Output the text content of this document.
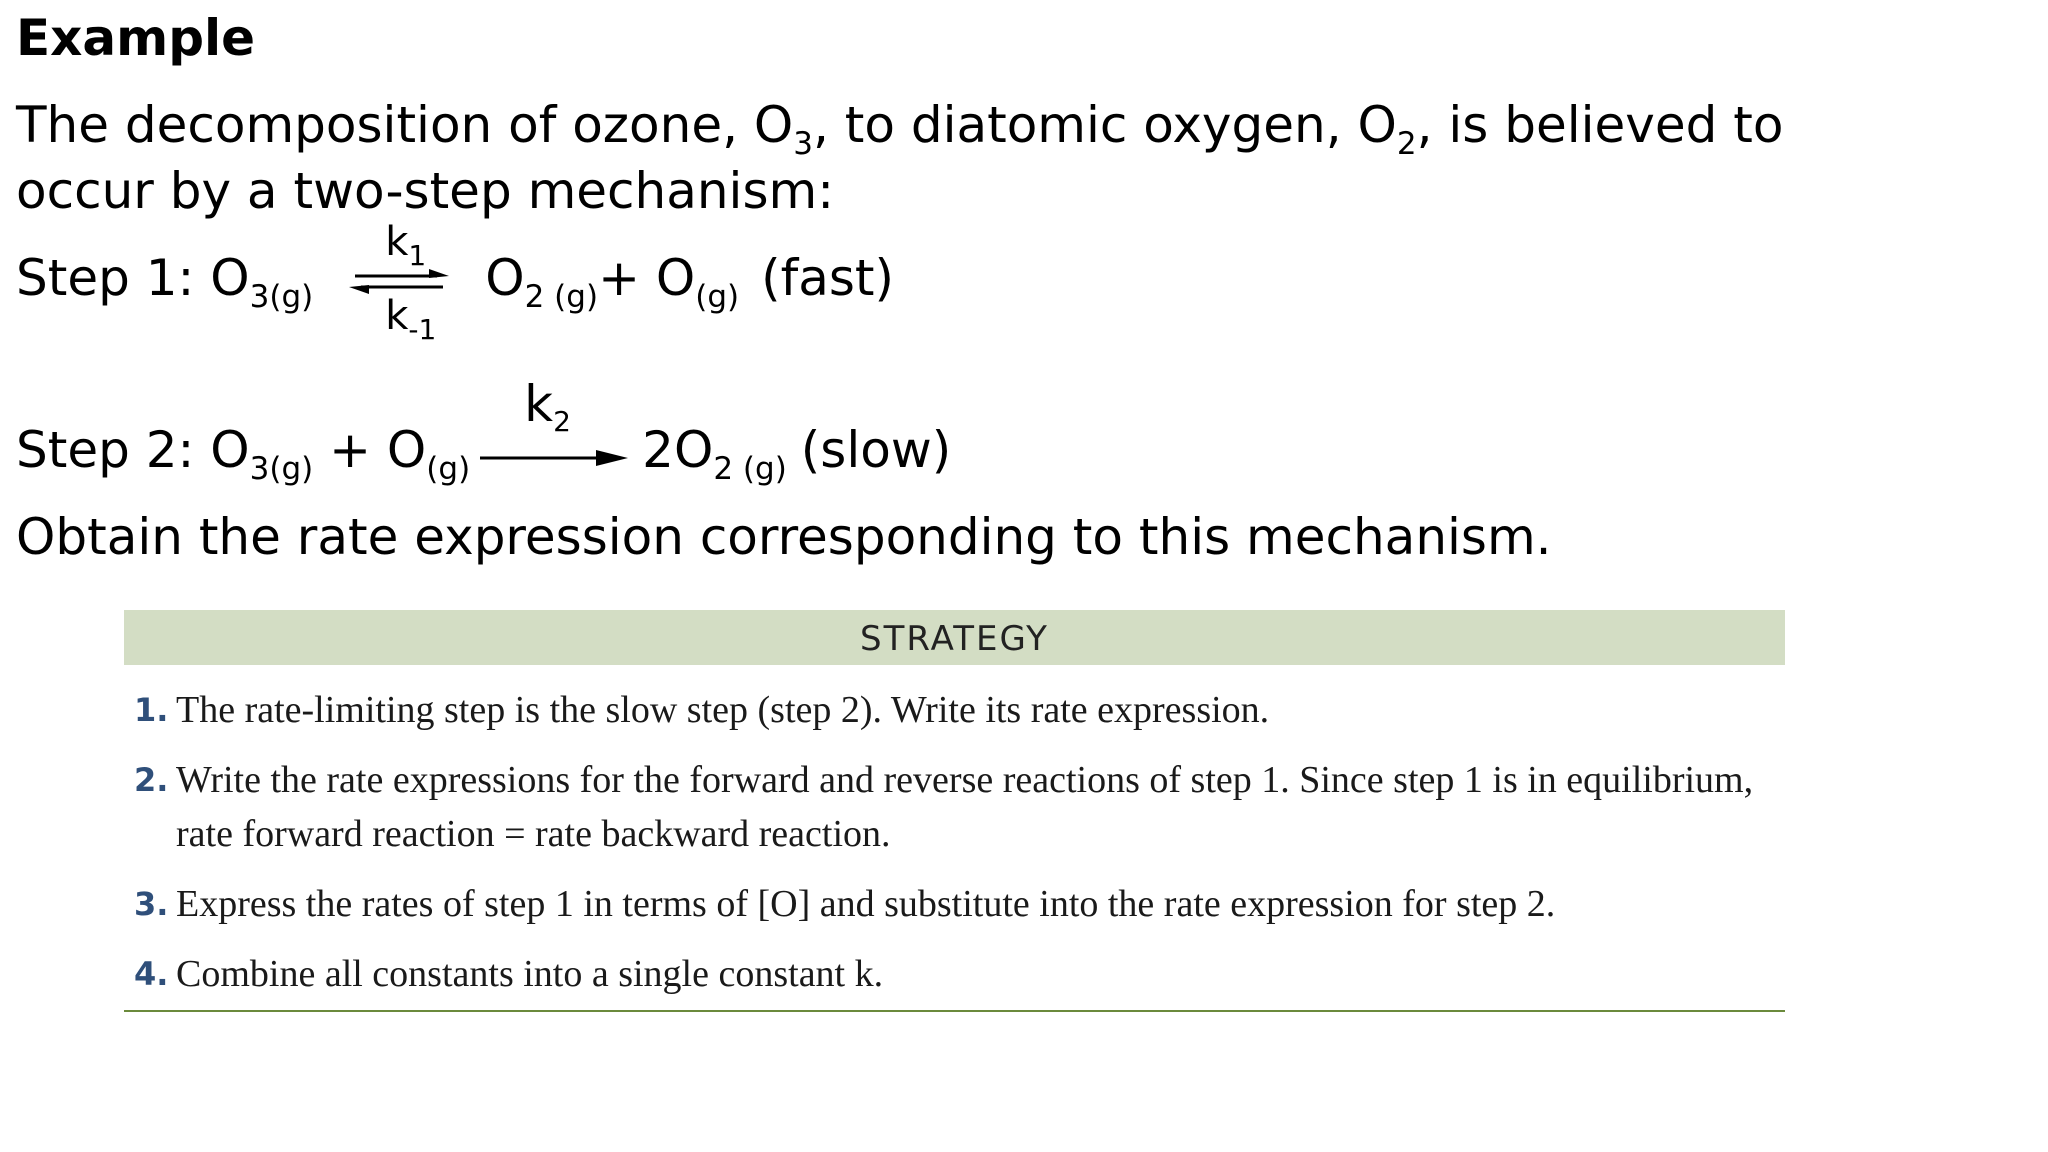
Example
The decomposition of ozone, $O_3$, to diatomic oxygen, $O_2$, is believed to occur by a two-step mechanism:
Step 1: $O_{3(g)}$
$k_1$
$k_{-1}$
$O_{2 (g)}+ O_{(g)}$ (fast)
Step 2: $O_{3(g)} + O_{(g)}$
$k_2$ $2O_{2 (g)}$ (slow)
Obtain the rate expression corresponding to this mechanism.
STRATEGY
1. The rate-limiting step is the slow step (step 2). Write its rate expression.
2. Write the rate expressions for the forward and reverse reactions of step 1. Since step 1 is in equilibrium, rate forward reaction = rate backward reaction.
3. Express the rates of step 1 in terms of [O] and substitute into the rate expression for step 2.
4. Combine all constants into a single constant k.
